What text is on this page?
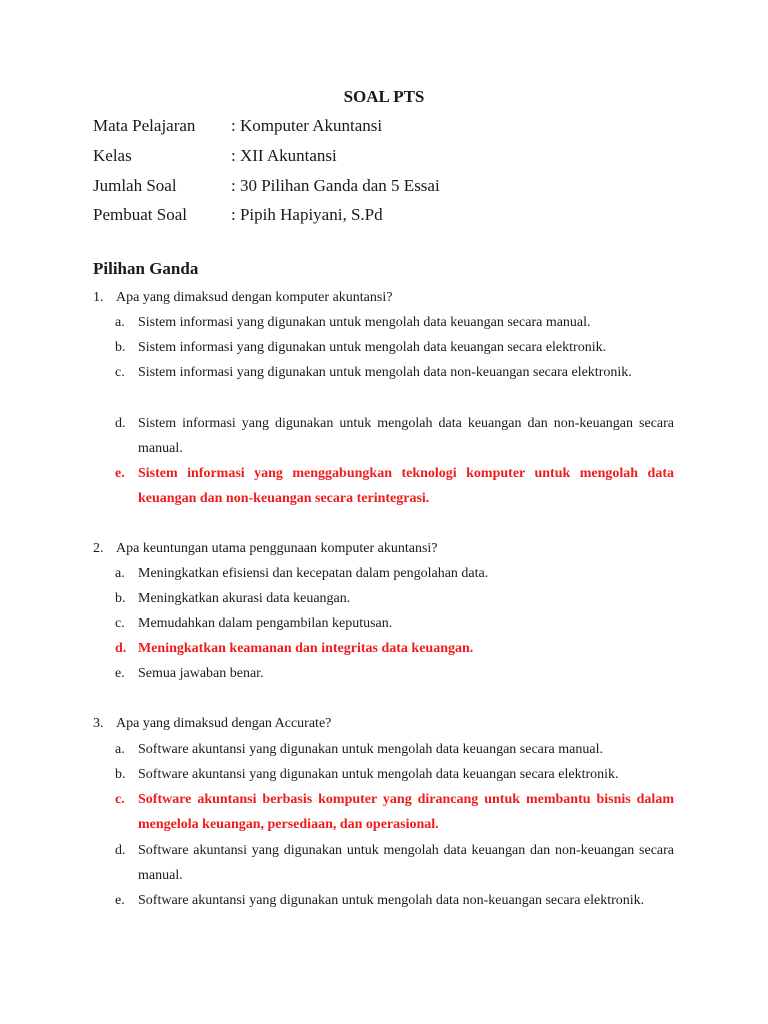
SOAL PTS
Mata Pelajaran : Komputer Akuntansi
Kelas	: XII Akuntansi
Jumlah Soal	: 30 Pilihan Ganda dan 5 Essai
Pembuat Soal	: Pipih Hapiyani, S.Pd
Pilihan Ganda
1. Apa yang dimaksud dengan komputer akuntansi?
a. Sistem informasi yang digunakan untuk mengolah data keuangan secara manual.
b. Sistem informasi yang digunakan untuk mengolah data keuangan secara elektronik.
c. Sistem informasi yang digunakan untuk mengolah data non-keuangan secara elektronik.
d. Sistem informasi yang digunakan untuk mengolah data keuangan dan non-keuangan secara manual.
e. Sistem informasi yang menggabungkan teknologi komputer untuk mengolah data keuangan dan non-keuangan secara terintegrasi.
2. Apa keuntungan utama penggunaan komputer akuntansi?
a. Meningkatkan efisiensi dan kecepatan dalam pengolahan data.
b. Meningkatkan akurasi data keuangan.
c. Memudahkan dalam pengambilan keputusan.
d. Meningkatkan keamanan dan integritas data keuangan.
e. Semua jawaban benar.
3. Apa yang dimaksud dengan Accurate?
a. Software akuntansi yang digunakan untuk mengolah data keuangan secara manual.
b. Software akuntansi yang digunakan untuk mengolah data keuangan secara elektronik.
c. Software akuntansi berbasis komputer yang dirancang untuk membantu bisnis dalam mengelola keuangan, persediaan, dan operasional.
d. Software akuntansi yang digunakan untuk mengolah data keuangan dan non-keuangan secara manual.
e. Software akuntansi yang digunakan untuk mengolah data non-keuangan secara elektronik.
